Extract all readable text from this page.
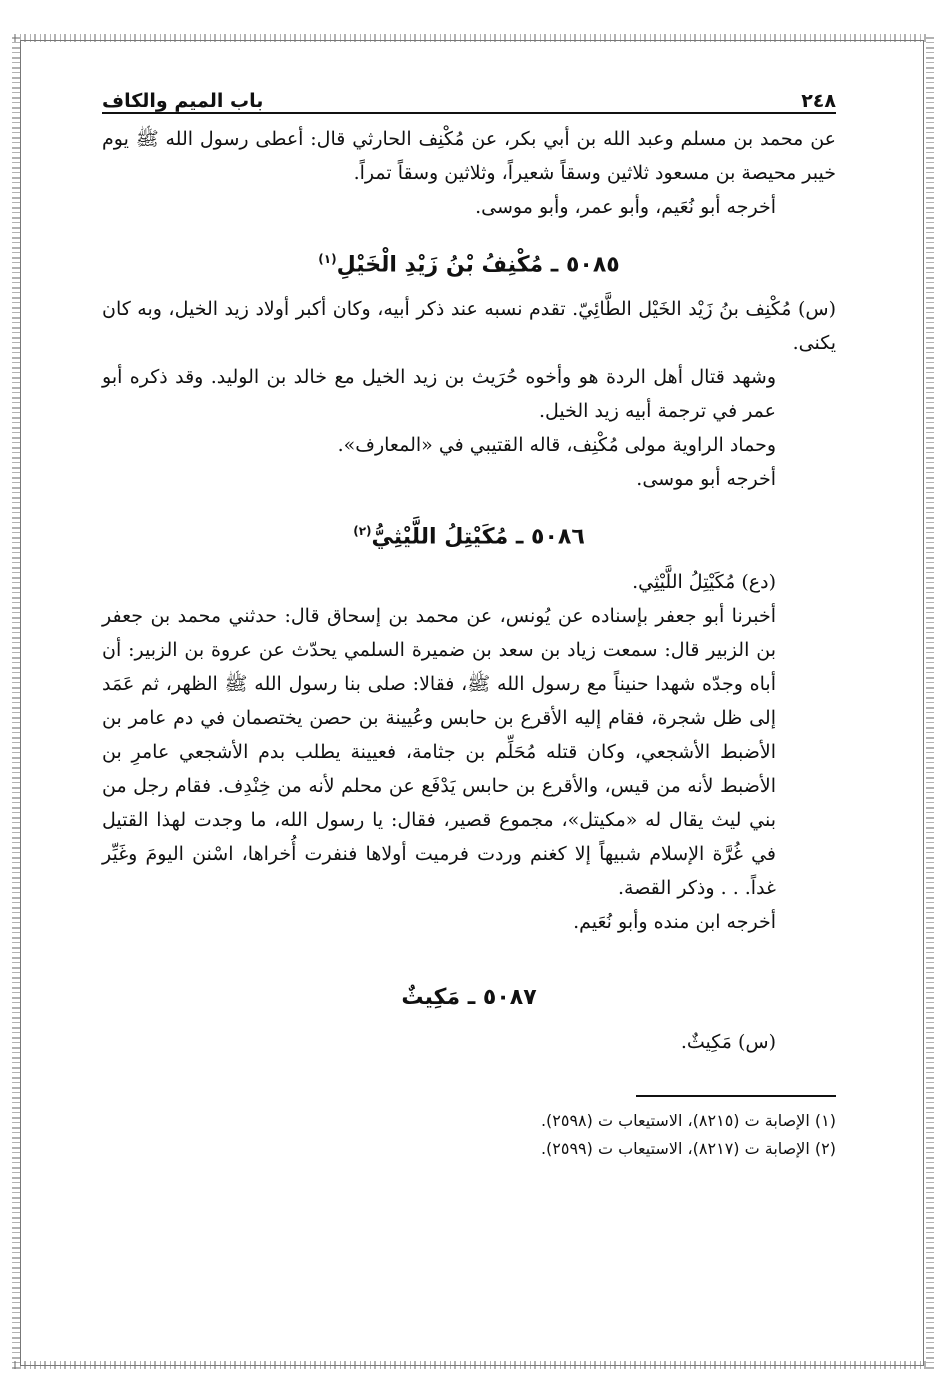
٢٤٨
باب الميم والكاف

عن محمد بن مسلم وعبد الله بن أبي بكر، عن مُكْنِف الحارثي قال: أعطى رسول الله ﷺ يوم خيبر محيصة بن مسعود ثلاثين وسقاً شعيراً، وثلاثين وسقاً تمراً.

أخرجه أبو نُعَيم، وأبو عمر، وأبو موسى.

٥٠٨٥ ـ مُكْنِفُ بْنُ زَيْدِ الْخَيْلِ$^{(١)}$

(س) مُكْنِف بنُ زَيْد الخَيْل الطَّائِيّ. تقدم نسبه عند ذكر أبيه، وكان أكبر أولاد زيد الخيل، وبه كان يكنى.

وشهد قتال أهل الردة هو وأخوه حُرَيث بن زيد الخيل مع خالد بن الوليد. وقد ذكره أبو عمر في ترجمة أبيه زيد الخيل.

وحماد الراوية مولى مُكْنِف، قاله القتيبي في «المعارف».

أخرجه أبو موسى.

٥٠٨٦ ـ مُكَيْتِلُ اللَّيْثِيُّ$^{(٢)}$

(دع) مُكَيْتِلُ اللَّيْثِي.

أخبرنا أبو جعفر بإسناده عن يُونس، عن محمد بن إسحاق قال: حدثني محمد بن جعفر بن الزبير قال: سمعت زياد بن سعد بن ضميرة السلمي يحدّث عن عروة بن الزبير: أن أباه وجدّه شهدا حنيناً مع رسول الله ﷺ، فقالا: صلى بنا رسول الله ﷺ الظهر، ثم عَمَد إلى ظل شجرة، فقام إليه الأقرع بن حابس وعُيينة بن حصن يختصمان في دم عامر بن الأضبط الأشجعي، وكان قتله مُحَلِّم بن جثامة، فعيينة يطلب بدم الأشجعي عامرِ بن الأضبط لأنه من قيس، والأقرع بن حابس يَدْفَع عن محلم لأنه من خِنْدِف. فقام رجل من بني ليث يقال له «مكيتل»، مجموع قصير، فقال: يا رسول الله، ما وجدت لهذا القتيل في غُرَّة الإسلام شبيهاً إلا كغنم وردت فرميت أولاها فنفرت أُخراها، اسْنن اليومَ وغَيِّر غداً. . . وذكر القصة.

أخرجه ابن منده وأبو نُعَيم.

٥٠٨٧ ـ مَكِيثٌ

(س) مَكِيثٌ.

(١) الإصابة ت (٨٢١٥)، الاستيعاب ت (٢٥٩٨).
(٢) الإصابة ت (٨٢١٧)، الاستيعاب ت (٢٥٩٩).
